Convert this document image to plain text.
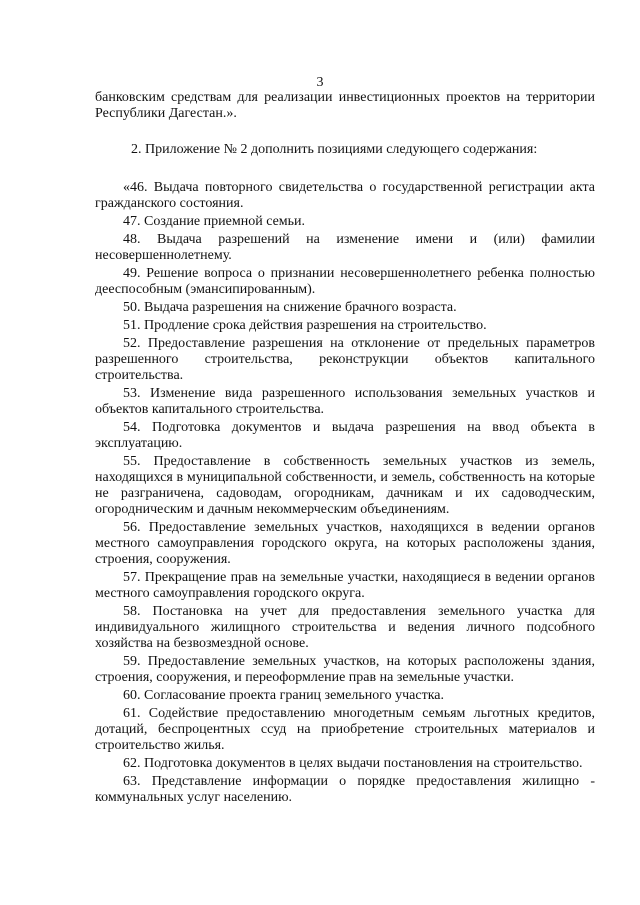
3

банковским средствам для реализации инвестиционных проектов на территории Республики Дагестан.».

2. Приложение № 2 дополнить позициями следующего содержания:

«46. Выдача повторного свидетельства о государственной регистрации акта гражданского состояния.

47. Создание приемной семьи.

48. Выдача разрешений на изменение имени и (или) фамилии несовершеннолетнему.

49. Решение вопроса о признании несовершеннолетнего ребенка полностью дееспособным (эмансипированным).

50. Выдача разрешения на снижение брачного возраста.

51. Продление срока действия разрешения на строительство.

52. Предоставление разрешения на отклонение от предельных параметров разрешенного строительства, реконструкции объектов капитального строительства.

53. Изменение вида разрешенного использования земельных участков и объектов капитального строительства.

54. Подготовка документов и выдача разрешения на ввод объекта в эксплуатацию.

55. Предоставление в собственность земельных участков из земель, находящихся в муниципальной собственности, и земель, собственность на которые не разграничена, садоводам, огородникам, дачникам и их садоводческим, огородническим и дачным некоммерческим объединениям.

56. Предоставление земельных участков, находящихся в ведении органов местного самоуправления городского округа, на которых расположены здания, строения, сооружения.

57. Прекращение прав на земельные участки, находящиеся в ведении органов местного самоуправления городского округа.

58. Постановка на учет для предоставления земельного участка для индивидуального жилищного строительства и ведения личного подсобного хозяйства на безвозмездной основе.

59. Предоставление земельных участков, на которых расположены здания, строения, сооружения, и переоформление прав на земельные участки.

60. Согласование проекта границ земельного участка.

61. Содействие предоставлению многодетным семьям льготных кредитов, дотаций, беспроцентных ссуд на приобретение строительных материалов и строительство жилья.

62. Подготовка документов в целях выдачи постановления на строительство.

63. Представление информации о порядке предоставления жилищно - коммунальных услуг населению.
